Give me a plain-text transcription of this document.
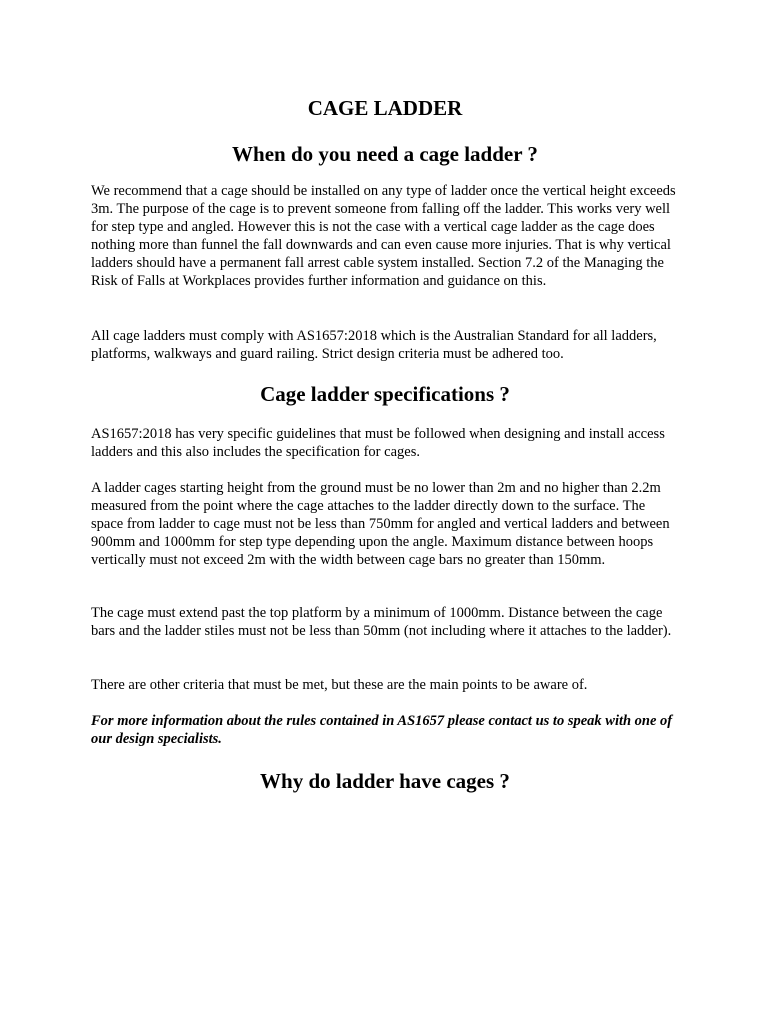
CAGE LADDER
When do you need a cage ladder ?

We recommend that a cage should be installed on any type of ladder once the vertical height exceeds 3m. The purpose of the cage is to prevent someone from falling off the ladder. This works very well for step type and angled. However this is not the case with a vertical cage ladder as the cage does nothing more than funnel the fall downwards and can even cause more injuries. That is why vertical ladders should have a permanent fall arrest cable system installed. Section 7.2 of the Managing the Risk of Falls at Workplaces provides further information and guidance on this.

All cage ladders must comply with AS1657:2018 which is the Australian Standard for all ladders, platforms, walkways and guard railing. Strict design criteria must be adhered too.

Cage ladder specifications ?

AS1657:2018 has very specific guidelines that must be followed when designing and install access ladders and this also includes the specification for cages.

A ladder cages starting height from the ground must be no lower than 2m and no higher than 2.2m measured from the point where the cage attaches to the ladder directly down to the surface. The space from ladder to cage must not be less than 750mm for angled and vertical ladders and between 900mm and 1000mm for step type depending upon the angle. Maximum distance between hoops vertically must not exceed 2m with the width between cage bars no greater than 150mm.

The cage must extend past the top platform by a minimum of 1000mm. Distance between the cage bars and the ladder stiles must not be less than 50mm (not including where it attaches to the ladder).

There are other criteria that must be met, but these are the main points to be aware of.

For more information about the rules contained in AS1657 please contact us to speak with one of our design specialists.

Why do ladder have cages ?
